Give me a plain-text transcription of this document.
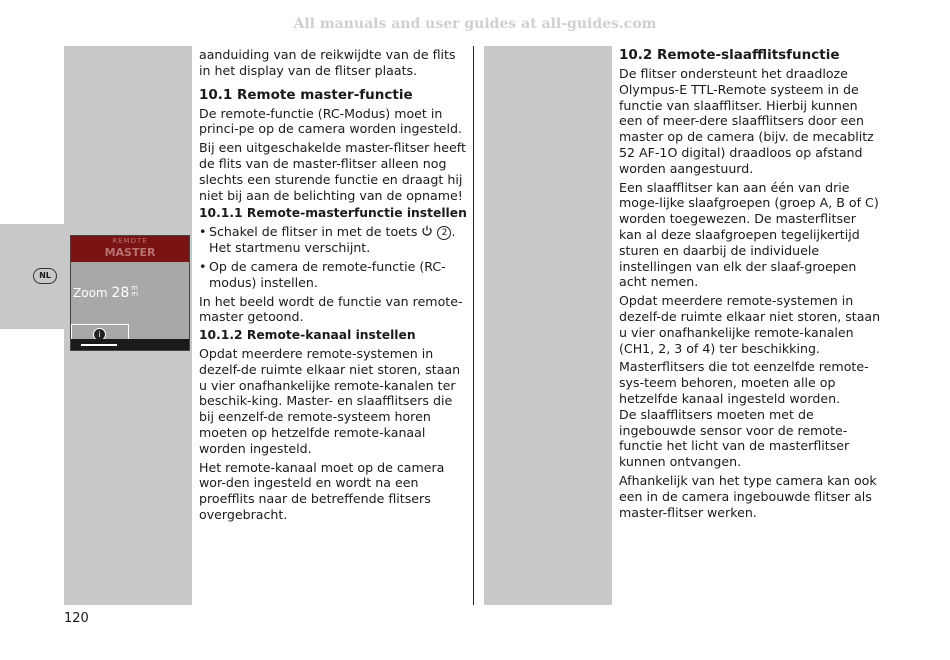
All manuals and user guides at all-guides.com
NL
REMOTE
MASTER
Zoom 28 m
m
i

aanduiding van de reikwijdte van de flits in het display van de flitser plaats.

10.1 Remote master-functie

De remote-functie (RC-Modus) moet in princi-pe op de camera worden ingesteld.

Bij een uitgeschakelde master-flitser heeft de flits van de master-flitser alleen nog slechts een sturende functie en draagt hij niet bij aan de belichting van de opname!

10.1.1 Remote-masterfunctie instellen
• Schakel de flitser in met de toets	2 . Het startmenu verschijnt.
• Op de camera de remote-functie (RC-modus) instellen.

In het beeld wordt de functie van remote-master getoond.

10.1.2 Remote-kanaal instellen

Opdat meerdere remote-systemen in dezelf-de ruimte elkaar niet storen, staan u vier onafhankelijke remote-kanalen ter beschik-king. Master- en slaafflitsers die bij eenzelf-de remote-systeem horen moeten op hetzelfde remote-kanaal worden ingesteld.

Het remote-kanaal moet op de camera wor-den ingesteld en wordt na een proefflits naar de betreffende flitsers overgebracht.

10.2 Remote-slaafflitsfunctie

De flitser ondersteunt het draadloze Olympus-E TTL-Remote systeem in de functie van slaafflitser. Hierbij kunnen een of meer-dere slaafflitsers door een master op de camera (bijv. de mecablitz 52 AF-1O digital) draadloos op afstand worden aangestuurd.

Een slaafflitser kan aan één van drie moge-lijke slaafgroepen (groep A, B of C) worden toegewezen. De masterflitser kan al deze slaafgroepen tegelijkertijd sturen en daarbij de individuele instellingen van elk der slaaf-groepen acht nemen.

Opdat meerdere remote-systemen in dezelf-de ruimte elkaar niet storen, staan u vier onafhankelijke remote-kanalen (CH1, 2, 3 of 4) ter beschikking.

Masterflitsers die tot eenzelfde remote-sys-teem behoren, moeten alle op hetzelfde kanaal ingesteld worden.

De slaafflitsers moeten met de ingebouwde sensor voor de remote-functie het licht van de masterflitser kunnen ontvangen.

Afhankelijk van het type camera kan ook een in de camera ingebouwde flitser als master-flitser werken.

120
